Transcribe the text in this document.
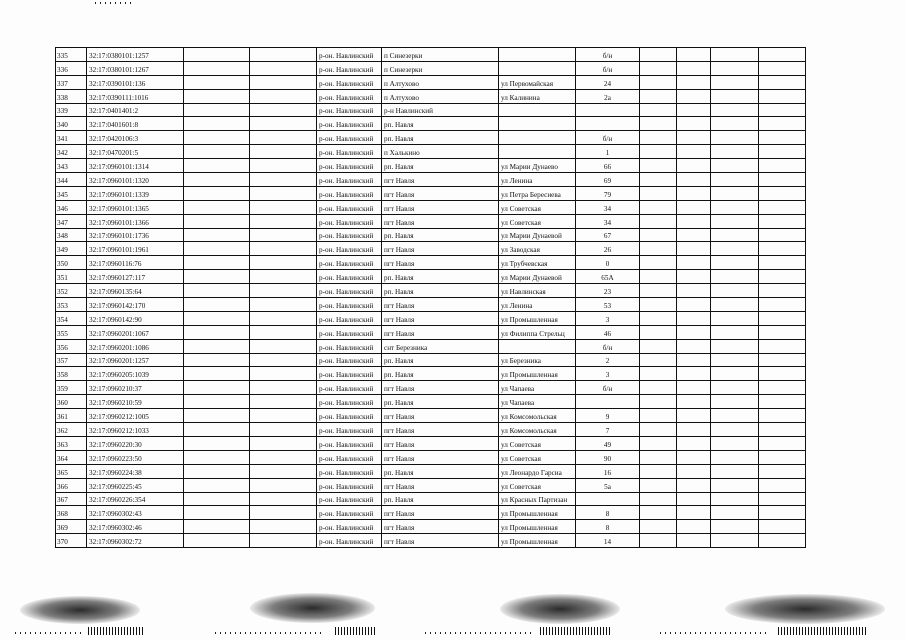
335	32:17:0380101:1257			р-он. Навлинский	п Синезерки		б/н				
336	32:17:0380101:1267			р-он. Навлинский	п Синезерки		б/н				
337	32:17:0390101:136			р-он. Навлинский	п Алтухово	ул Первомайская	24				
338	32:17:0390111:1016			р-он. Навлинский	п Алтухово	ул Калинина	2а				
339	32:17:0401401:2			р-он. Навлинский	р-н Навлинский						
340	32:17:0401601:8			р-он. Навлинский	рп. Навля						
341	32:17:0420106:3			р-он. Навлинский	рп. Навля		б/н				
342	32:17:0470201:5			р-он. Навлинский	п Халькино		1				
343	32:17:0960101:1314			р-он. Навлинский	рп. Навля	ул Марии Дунаево	66				
344	32:17:0960101:1320			р-он. Навлинский	пгт Навля	ул Ленина	69				
345	32:17:0960101:1339			р-он. Навлинский	пгт Навля	ул Петра Бересиева	79				
346	32:17:0960101:1365			р-он. Навлинский	пгт Навля	ул Советская	34				
347	32:17:0960101:1366			р-он. Навлинский	пгт Навля	ул Советская	34				
348	32:17:0960101:1736			р-он. Навлинский	рп. Навля	ул Марии Дунаевой	67				
349	32:17:0960101:1961			р-он. Навлинский	пгт Навля	ул Заводская	26				
350	32:17:0960116:76			р-он. Навлинский	пгт Навля	ул Трубчевская	0				
351	32:17:0960127:117			р-он. Навлинский	рп. Навля	ул Марии Дунаевой	65А				
352	32:17:0960135:64			р-он. Навлинский	рп. Навля	ул Навлинская	23				
353	32:17:0960142:170			р-он. Навлинский	пгт Навля	ул Ленина	53				
354	32:17:0960142:90			р-он. Навлинский	пгт Навля	ул Промышленная	3				
355	32:17:0960201:1067			р-он. Навлинский	пгт Навля	ул Филиппа Стрельц	46				
356	32:17:0960201:1086			р-он. Навлинский	снт Березника		б/н				
357	32:17:0960201:1257			р-он. Навлинский	рп. Навля	ул Березника	2				
358	32:17:0960205:1039			р-он. Навлинский	рп. Навля	ул Промышленная	3				
359	32:17:0960210:37			р-он. Навлинский	пгт Навля	ул Чапаева	б/н				
360	32:17:0960210:59			р-он. Навлинский	рп. Навля	ул Чапаева					
361	32:17:0960212:1005			р-он. Навлинский	пгт Навля	ул Комсомольская	9				
362	32:17:0960212:1033			р-он. Навлинский	пгт Навля	ул Комсомольская	7				
363	32:17:0960220:30			р-он. Навлинский	пгт Навля	ул Советская	49				
364	32:17:0960223:50			р-он. Навлинский	пгт Навля	ул Советская	90				
365	32:17:0960224:38			р-он. Навлинский	рп. Навля	ул Леонардо Гарсиа	16				
366	32:17:0960225:45			р-он. Навлинский	пгт Навля	ул Советская	5а				
367	32:17:0960226:354			р-он. Навлинский	рп. Навля	ул Красных Партизан					
368	32:17:0960302:43			р-он. Навлинский	пгт Навля	ул Промышленная	8				
369	32:17:0960302:46			р-он. Навлинский	пгт Навля	ул Промышленная	8				
370	32:17:0960302:72			р-он. Навлинский	пгт Навля	ул Промышленная	14				
